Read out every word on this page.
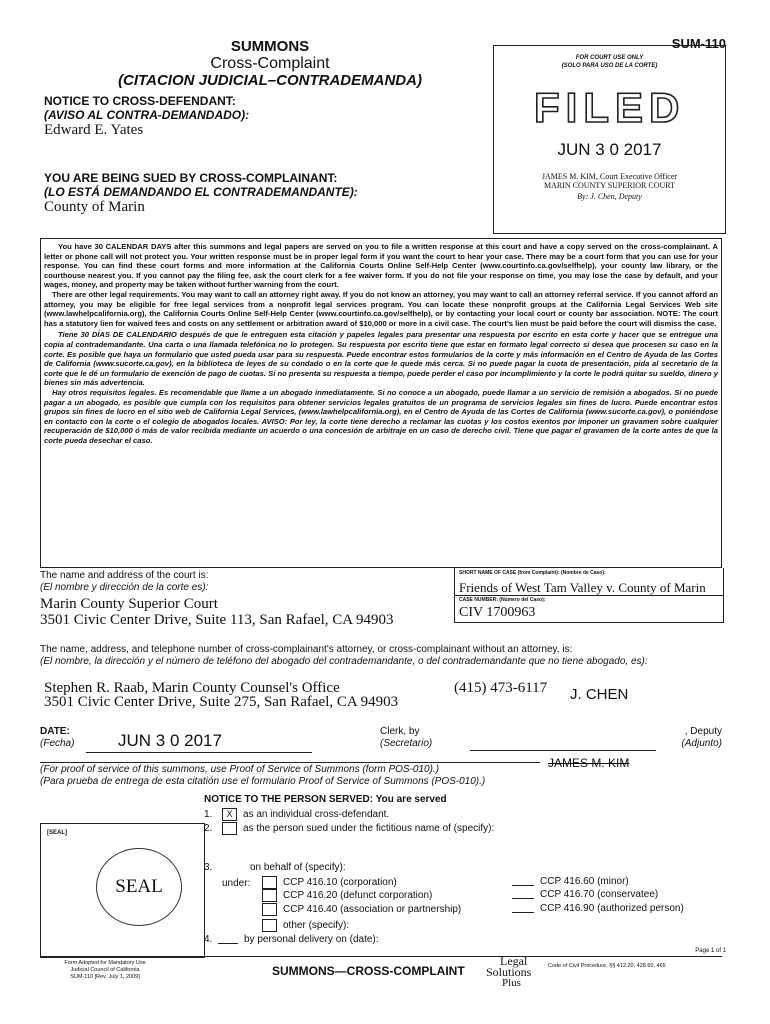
SUM-110
SUMMONS
Cross-Complaint
(CITACION JUDICIAL–CONTRADEMANDA)
NOTICE TO CROSS-DEFENDANT:
(AVISO AL CONTRA-DEMANDADO):
Edward E. Yates
YOU ARE BEING SUED BY CROSS-COMPLAINANT:
(LO ESTÁ DEMANDANDO EL CONTRADEMANDANTE):
County of Marin
FOR COURT USE ONLY
(SOLO PARA USO DE LA CORTE)
FILED
JUN 3 0 2017
JAMES M. KIM, Court Executive Officer
MARIN COUNTY SUPERIOR COURT
By: J. Chen, Deputy

You have 30 CALENDAR DAYS after this summons and legal papers are served on you to file a written response at this court and have a copy served on the cross-complainant. A letter or phone call will not protect you. Your written response must be in proper legal form if you want the court to hear your case. There may be a court form that you can use for your response. You can find these court forms and more information at the California Courts Online Self-Help Center (www.courtinfo.ca.gov/selfhelp), your county law library, or the courthouse nearest you. If you cannot pay the filing fee, ask the court clerk for a fee waiver form. If you do not file your response on time, you may lose the case by default, and your wages, money, and property may be taken without further warning from the court.

There are other legal requirements. You may want to call an attorney right away. If you do not know an attorney, you may want to call an attorney referral service. If you cannot afford an attorney, you may be eligible for free legal services from a nonprofit legal services program. You can locate these nonprofit groups at the California Legal Services Web site (www.lawhelpcalifornia.org), the California Courts Online Self-Help Center (www.courtinfo.ca.gov/selfhelp), or by contacting your local court or county bar association. NOTE: The court has a statutory lien for waived fees and costs on any settlement or arbitration award of $10,000 or more in a civil case. The court's lien must be paid before the court will dismiss the case.

Tiene 30 DÍAS DE CALENDARIO después de que le entreguen esta citación y papeles legales para presentar una respuesta por escrito en esta corte y hacer que se entregue una copia al contrademandante. Una carta o una llamada telefónica no lo protegen. Su respuesta por escrito tiene que estar en formato legal correcto si desea que procesen su caso en la corte. Es posible que haya un formulario que usted pueda usar para su respuesta. Puede encontrar estos formularios de la corte y más información en el Centro de Ayuda de las Cortes de California (www.sucorte.ca.gov), en la biblioteca de leyes de su condado o en la corte que le quede más cerca. Si no puede pagar la cuota de presentación, pida al secretario de la corte que le dé un formulario de exención de pago de cuotas. Si no presenta su respuesta a tiempo, puede perder el caso por incumplimiento y la corte le podrá quitar su sueldo, dinero y bienes sin más advertencia.

Hay otros requisitos legales. Es recomendable que llame a un abogado inmediatamente. Si no conoce a un abogado, puede llamar a un servicio de remisión a abogados. Si no puede pagar a un abogado, es posible que cumpla con los requisitos para obtener servicios legales gratuitos de un programa de servicios legales sin fines de lucro. Puede encontrar estos grupos sin fines de lucro en el sitio web de California Legal Services, (www.lawhelpcalifornia.org), en el Centro de Ayuda de las Cortes de California (www.sucorte.ca.gov), o poniéndose en contacto con la corte o el colegio de abogados locales. AVISO: Por ley, la corte tiene derecho a reclamar las cuotas y los costos exentos por imponer un gravamen sobre cualquier recuperación de $10,000 ó más de valor recibida mediante un acuerdo o una concesión de arbitraje en un caso de derecho civil. Tiene que pagar el gravamen de la corte antes de que la corte pueda desechar el caso.

The name and address of the court is:
(El nombre y dirección de la corte es):
Marin County Superior Court
3501 Civic Center Drive, Suite 113, San Rafael, CA 94903
SHORT NAME OF CASE (from Complaint): (Nombre de Caso):
Friends of West Tam Valley v. County of Marin
CASE NUMBER: (Número del Caso):
CIV 1700963
The name, address, and telephone number of cross-complainant's attorney, or cross-complainant without an attorney, is:
(El nombre, la dirección y el número de teléfono del abogado del contrademandante, o del contrademandante que no tiene abogado, es):
Stephen R. Raab, Marin County Counsel's Office	(415) 473-6117
3501 Civic Center Drive, Suite 275, San Rafael, CA 94903	J. CHEN
DATE:
(Fecha)	JUN 3 0 2017	Clerk, by
(Secretario)
, Deputy
(Adjunto)
JAMES M. KIM
(For proof of service of this summons, use Proof of Service of Summons (form POS-010).)
(Para prueba de entrega de esta citatión use el formulario Proof of Service of Summons (POS-010).)
[SEAL]
SEAL
NOTICE TO THE PERSON SERVED: You are served
1. X as an individual cross-defendant.
2.	as the person sued under the fictitious name of (specify):
3.	on behalf of (specify):
under:	CCP 416.10 (corporation)
CCP 416.20 (defunct corporation)
CCP 416.40 (association or partnership)
CCP 416.60 (minor)
CCP 416.70 (conservatee)
CCP 416.90 (authorized person)
other (specify):
4.	by personal delivery on (date):
Page 1 of 1
Form Adopted for Mandatory Use
Judicial Council of California
SUM-110 [Rev. July 1, 2009]	SUMMONS—CROSS-COMPLAINT
Legal
Solutions
Plus
Code of Civil Procedure, §§ 412.20, 428.60, 465
